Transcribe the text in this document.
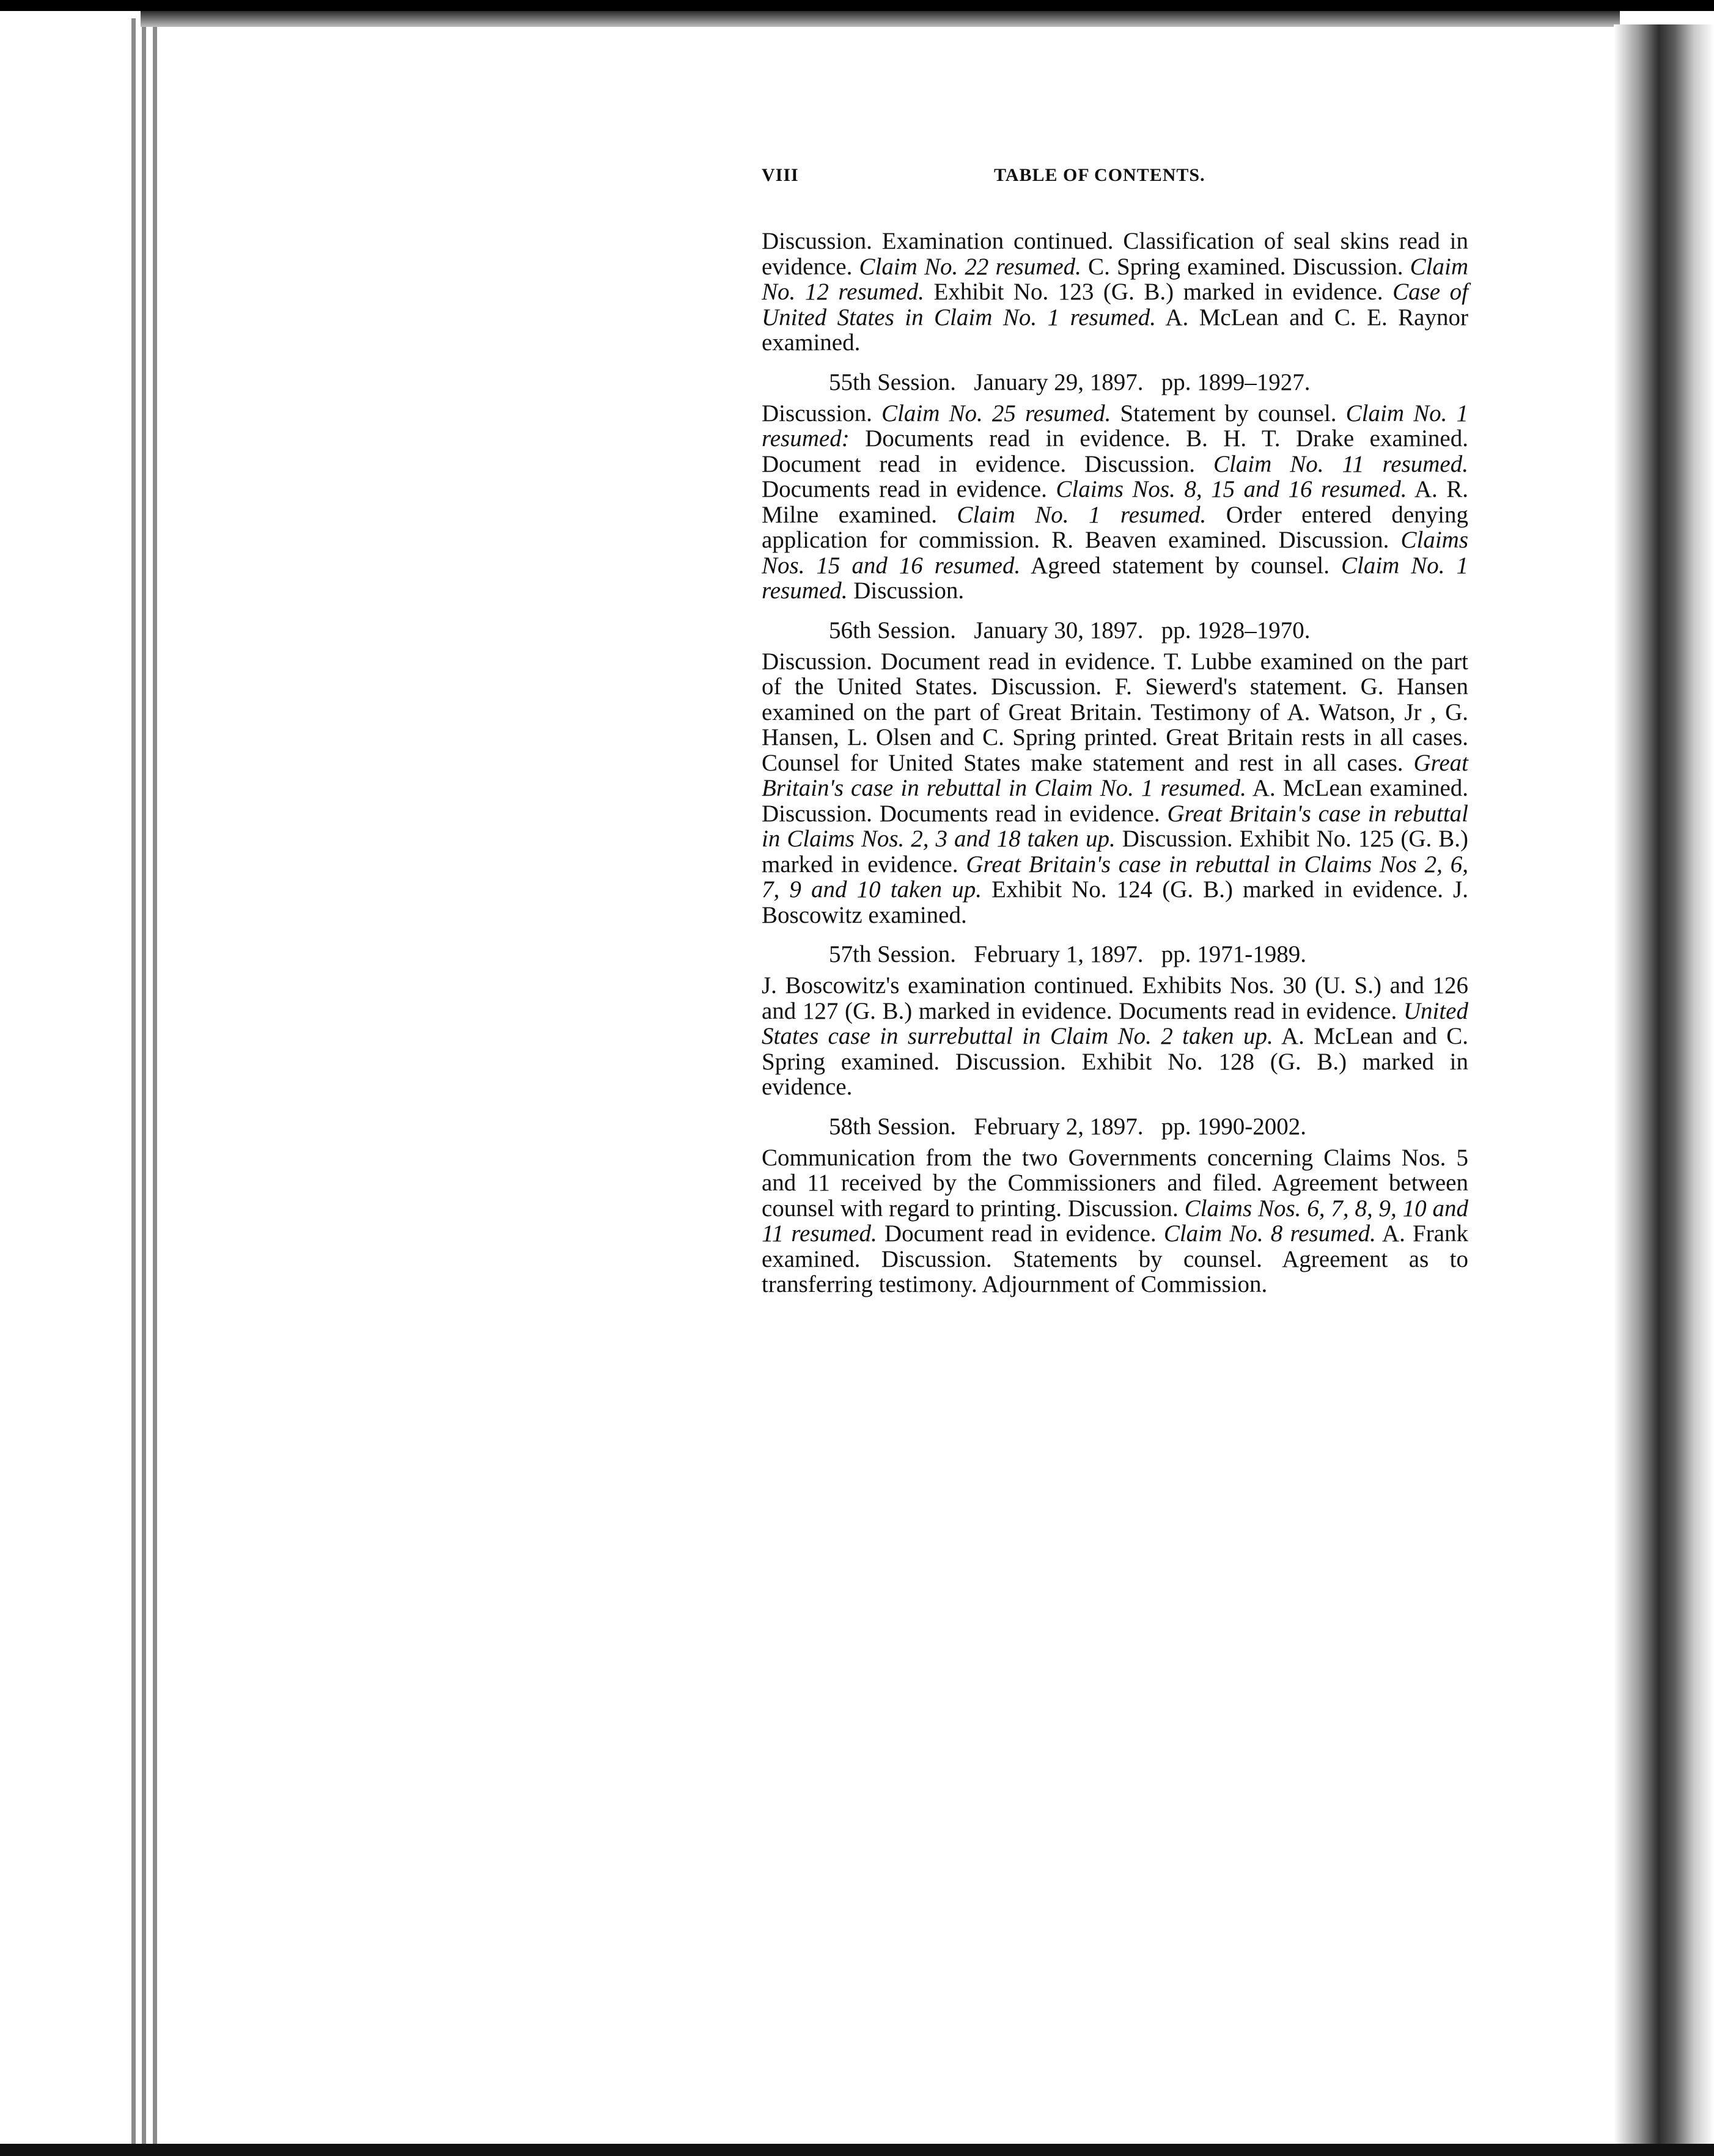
VIII	TABLE OF CONTENTS.

Discussion. Examination continued. Classification of seal skins read in evidence. Claim No. 22 resumed. C. Spring examined. Discussion. Claim No. 12 resumed. Exhibit No. 123 (G. B.) marked in evidence. Case of United States in Claim No. 1 resumed. A. McLean and C. E. Raynor examined.

55th Session.   January 29, 1897.   pp. 1899–1927.

Discussion. Claim No. 25 resumed. Statement by counsel. Claim No. 1 resumed: Documents read in evidence. B. H. T. Drake examined. Document read in evidence. Discussion. Claim No. 11 resumed. Documents read in evidence. Claims Nos. 8, 15 and 16 resumed. A. R. Milne examined. Claim No. 1 resumed. Order entered denying application for commission. R. Beaven examined. Discussion. Claims Nos. 15 and 16 resumed. Agreed statement by counsel. Claim No. 1 resumed. Discussion.

56th Session.   January 30, 1897.   pp. 1928–1970.

Discussion. Document read in evidence. T. Lubbe examined on the part of the United States. Discussion. F. Siewerd's statement. G. Hansen examined on the part of Great Britain. Testimony of A. Watson, Jr , G. Hansen, L. Olsen and C. Spring printed. Great Britain rests in all cases. Counsel for United States make statement and rest in all cases. Great Britain's case in rebuttal in Claim No. 1 resumed. A. McLean examined. Discussion. Documents read in evidence. Great Britain's case in rebuttal in Claims Nos. 2, 3 and 18 taken up. Discussion. Exhibit No. 125 (G. B.) marked in evidence. Great Britain's case in rebuttal in Claims Nos 2, 6, 7, 9 and 10 taken up. Exhibit No. 124 (G. B.) marked in evidence. J. Boscowitz examined.

57th Session.   February 1, 1897.   pp. 1971-1989.

J. Boscowitz's examination continued. Exhibits Nos. 30 (U. S.) and 126 and 127 (G. B.) marked in evidence. Documents read in evidence. United States case in surrebuttal in Claim No. 2 taken up. A. McLean and C. Spring examined. Discussion. Exhibit No. 128 (G. B.) marked in evidence.

58th Session.   February 2, 1897.   pp. 1990-2002.

Communication from the two Governments concerning Claims Nos. 5 and 11 received by the Commissioners and filed. Agreement between counsel with regard to printing. Discussion. Claims Nos. 6, 7, 8, 9, 10 and 11 resumed. Document read in evidence. Claim No. 8 resumed. A. Frank examined. Discussion. Statements by counsel. Agreement as to transferring testimony. Adjournment of Commission.
